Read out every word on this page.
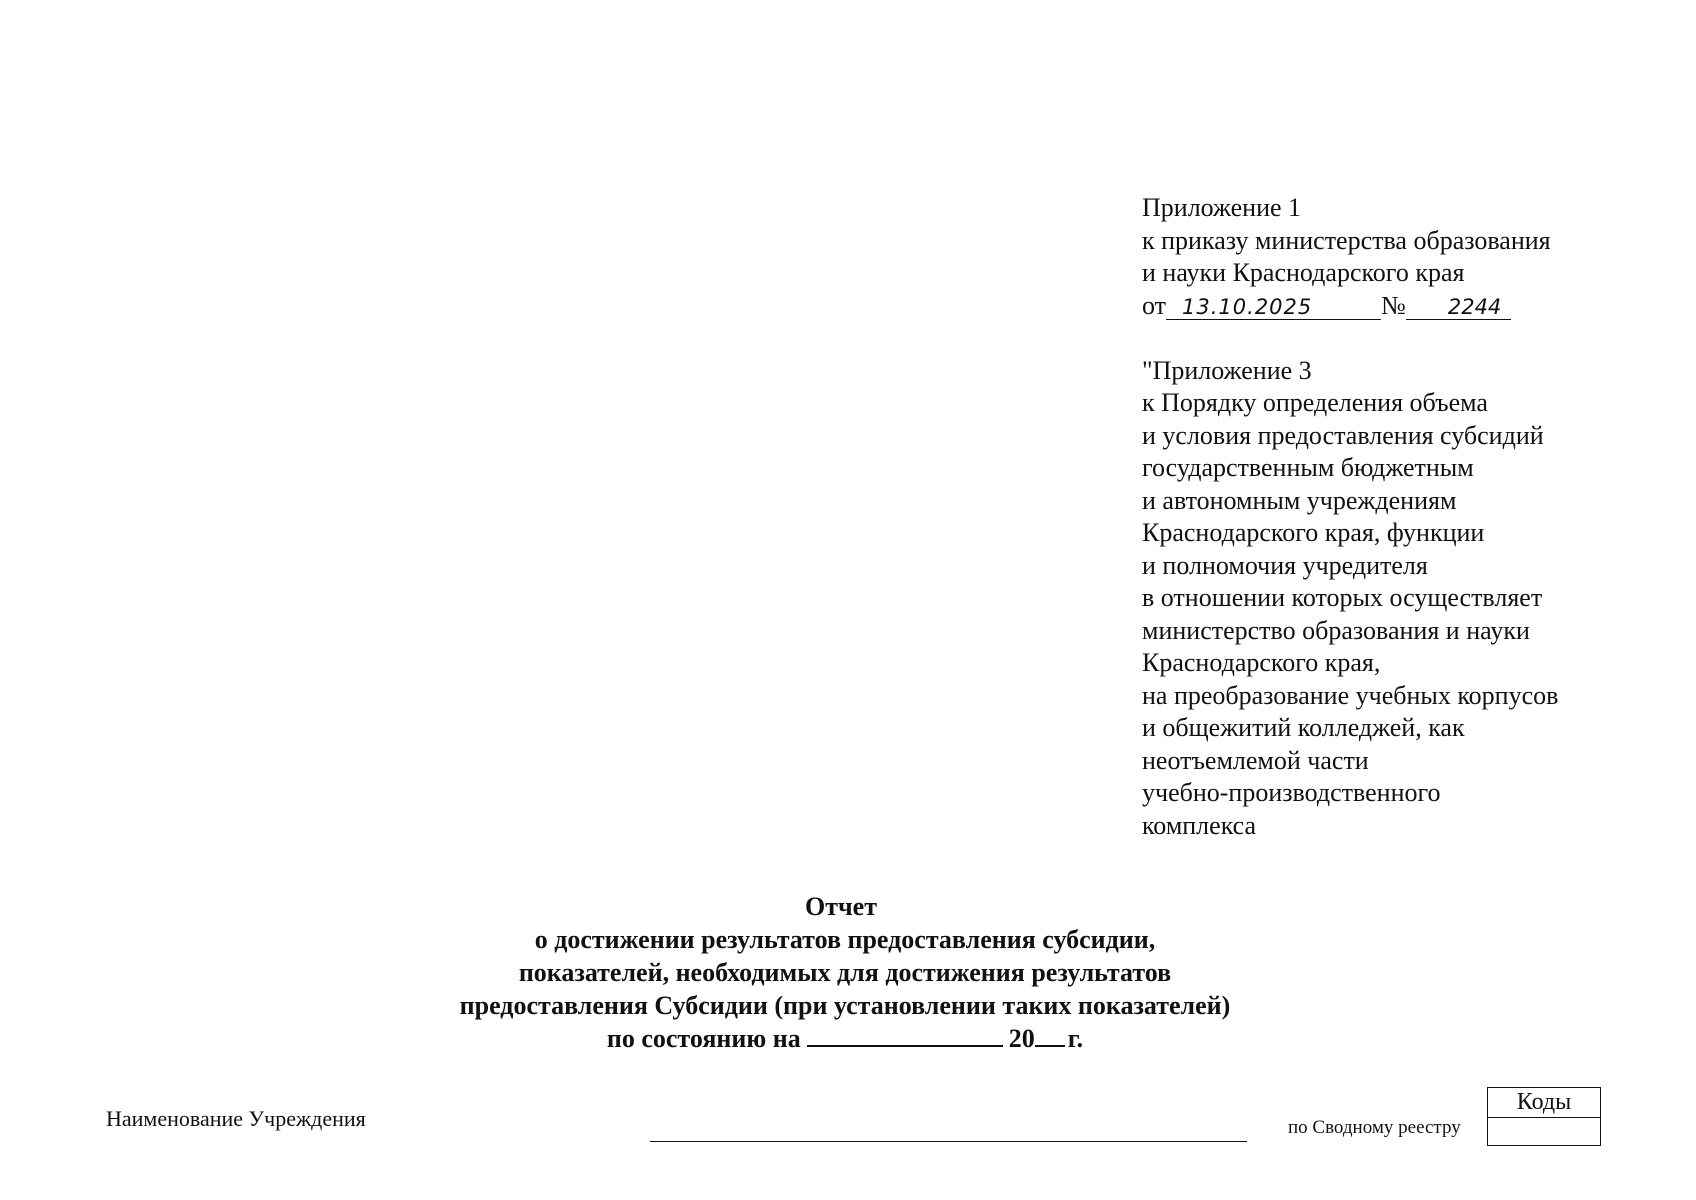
Приложение 1
к приказу министерства образования
и науки Краснодарского края
от 13.10.2025	№ 2244
"Приложение 3
к Порядку определения объема
и условия предоставления субсидий
государственным бюджетным
и автономным учреждениям
Краснодарского края, функции
и полномочия учредителя
в отношении которых осуществляет
министерство образования и науки
Краснодарского края,
на преобразование учебных корпусов
и общежитий колледжей, как
неотъемлемой части
учебно-производственного
комплекса
Отчет
о достижении результатов предоставления субсидии,
показателей, необходимых для достижения результатов
предоставления Субсидии (при установлении таких показателей)
по состоянию на	20 г.
Наименование Учреждения	по Сводному реестру
Коды
